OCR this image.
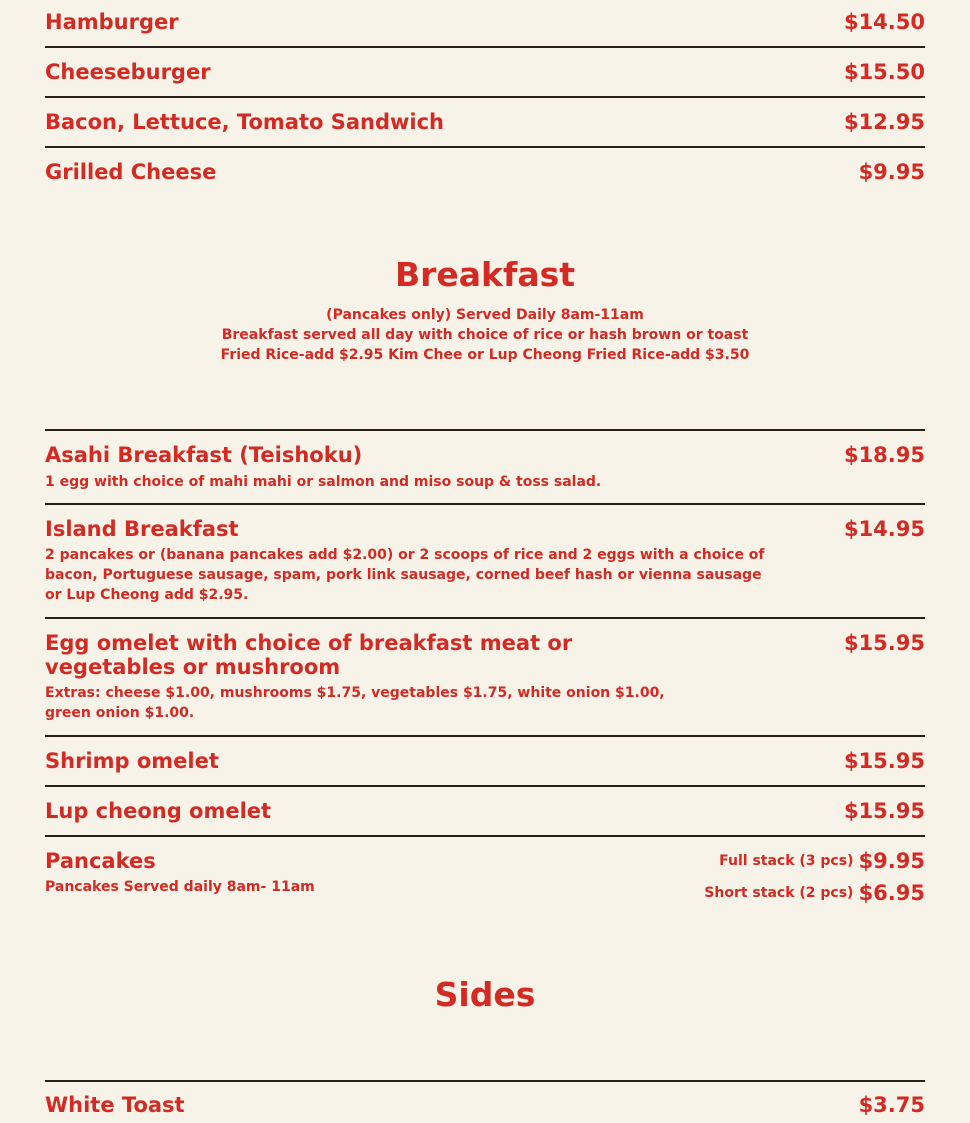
Hamburger	$14.50
Cheeseburger	$15.50
Bacon, Lettuce, Tomato Sandwich	$12.95
Grilled Cheese	$9.95
Breakfast
(Pancakes only) Served Daily 8am-11am
Breakfast served all day with choice of rice or hash brown or toast
Fried Rice-add $2.95 Kim Chee or Lup Cheong Fried Rice-add $3.50
Asahi Breakfast (Teishoku)	$18.95
1 egg with choice of mahi mahi or salmon and miso soup & toss salad.
Island Breakfast	$14.95
2 pancakes or (banana pancakes add $2.00) or 2 scoops of rice and 2 eggs with a choice of bacon, Portuguese sausage, spam, pork link sausage, corned beef hash or vienna sausage or Lup Cheong add $2.95.
Egg omelet with choice of breakfast meat or vegetables or mushroom
$15.95
Extras: cheese $1.00, mushrooms $1.75, vegetables $1.75, white onion $1.00, green onion $1.00.
Shrimp omelet	$15.95
Lup cheong omelet	$15.95
Pancakes
Pancakes Served daily 8am- 11am
Full stack (3 pcs) $9.95
Short stack (2 pcs) $6.95
Sides
White Toast	$3.75
